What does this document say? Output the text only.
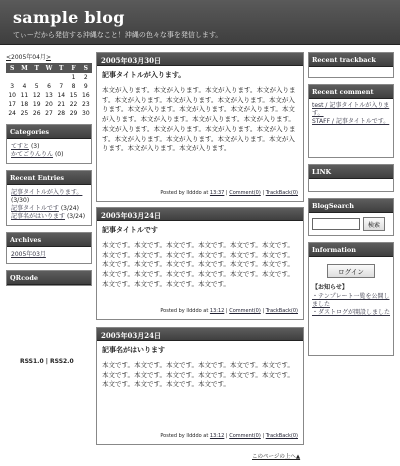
sample blog
てぃーだから発信する沖縄なこと！沖縄の色々な事を発信します。
<2005年04月>
S	M	T	W	T	F	S
					1	2
3	4	5	6	7	8	9
10	11	12	13	14	15	16
17	18	19	20	21	22	23
24	25	26	27	28	29	30
Categories
てすと (3)
かてごりんりん (0)
Recent Entries
記事タイトルが入ります。 (3/30)
記事タイトルです (3/24)
記事名がはいります (3/24)
Archives
2005年03月
QRcode
RSS1.0 | RSS2.0
2005年03月30日
記事タイトルが入ります。
本文が入ります。本文が入ります。本文が入ります。本文が入ります。本文が入ります。本文が入ります。本文が入ります。本文が入ります。本文が入ります。本文が入ります。本文が入ります。本文が入ります。本文が入ります。本文が入ります。本文が入ります。本文が入ります。本文が入ります。本文が入ります。本文が入ります。本文が入ります。本文が入ります。本文が入ります。本文が入ります。本文が入ります。本文が入ります。
Posted by lldddo at 13:37 | Comment(0) | TrackBack(0)
2005年03月24日
記事タイトルです
本文です。本文です。本文です。本文です。本文です。本文です。本文です。本文です。本文です。本文です。本文です。本文です。本文です。本文です。本文です。本文です。本文です。本文です。本文です。本文です。本文です。本文です。本文です。本文です。本文です。本文です。本文です。本文です。
Posted by lldddo at 13:12 | Comment(0) | TrackBack(0)
2005年03月24日
記事名がはいります
本文です。本文です。本文です。本文です。本文です。本文です。本文です。本文です。本文です。本文です。本文です。本文です。本文です。本文です。本文です。本文です。
Posted by lldddo at 13:12 | Comment(0) | TrackBack(0)
このページの上へ▲
Recent trackback
Recent comment
test / 記事タイトルが入ります。
STAFF / 記事タイトルです。
LINK
BlogSearch
検索
Information
ログイン
【お知らせ】
・テンプレート一覧を公開しました
・ダストログが開設しました
